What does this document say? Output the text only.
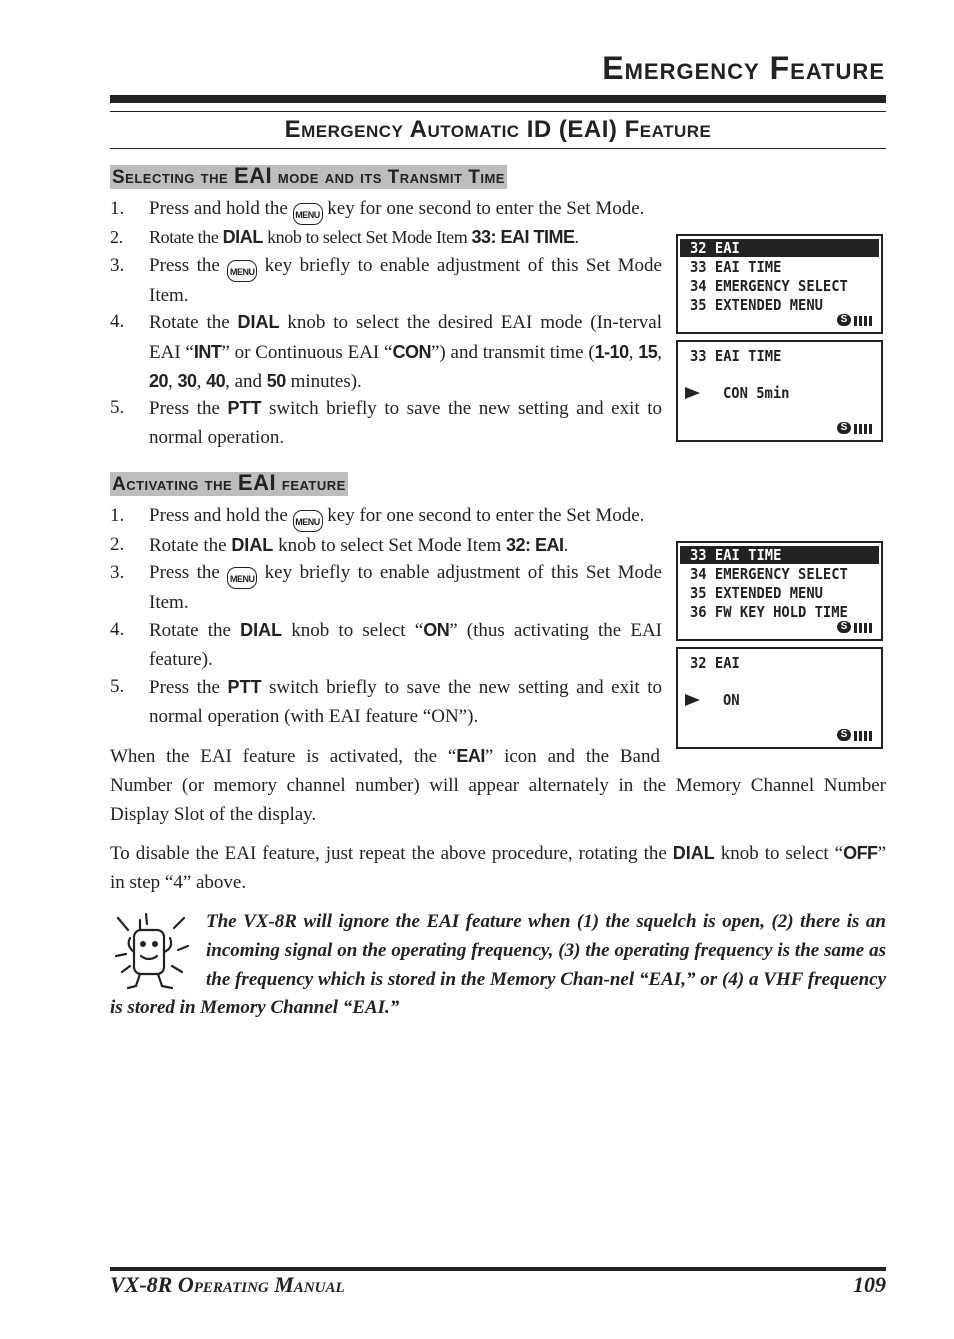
Emergency Feature
Emergency Automatic ID (EAI) Feature
Selecting the EAI mode and its Transmit Time
1.	Press and hold the MENU key for one second to enter the Set Mode.
2.	Rotate the DIAL knob to select Set Mode Item 33: EAI TIME.
3.	Press the MENU key briefly to enable adjustment of this Set Mode Item.
4.	Rotate the DIAL knob to select the desired EAI mode (In-terval EAI “INT” or Continuous EAI “CON”) and transmit time (1-10, 15, 20, 30, 40, and 50 minutes).
5.	Press the PTT switch briefly to save the new setting and exit to normal operation.
32 EAI
33 EAI TIME
34 EMERGENCY SELECT
35 EXTENDED MENU
S
33 EAI TIME
CON 5min
S
Activating the EAI feature
1.	Press and hold the MENU key for one second to enter the Set Mode.
2.	Rotate the DIAL knob to select Set Mode Item 32: EAI.
3.	Press the MENU key briefly to enable adjustment of this Set Mode Item.
4.	Rotate the DIAL knob to select “ON” (thus activating the EAI feature).
5.	Press the PTT switch briefly to save the new setting and exit to normal operation (with EAI feature “ON”).
33 EAI TIME
34 EMERGENCY SELECT
35 EXTENDED MENU
36 FW KEY HOLD TIME
S
32 EAI
ON
S
When the EAI feature is activated, the “EAI” icon and the Band Number (or memory channel number) will appear alternately in the Memory Channel Number Display Slot of the display.
To disable the EAI feature, just repeat the above procedure, rotating the DIAL knob to select “OFF” in step “4” above.
The VX-8R will ignore the EAI feature when (1) the squelch is open, (2) there is an incoming signal on the operating frequency, (3) the operating frequency is the same as the frequency which is stored in the Memory Chan-nel “EAI,” or (4) a VHF frequency is stored in Memory Channel “EAI.”
VX-8R Operating Manual	109
